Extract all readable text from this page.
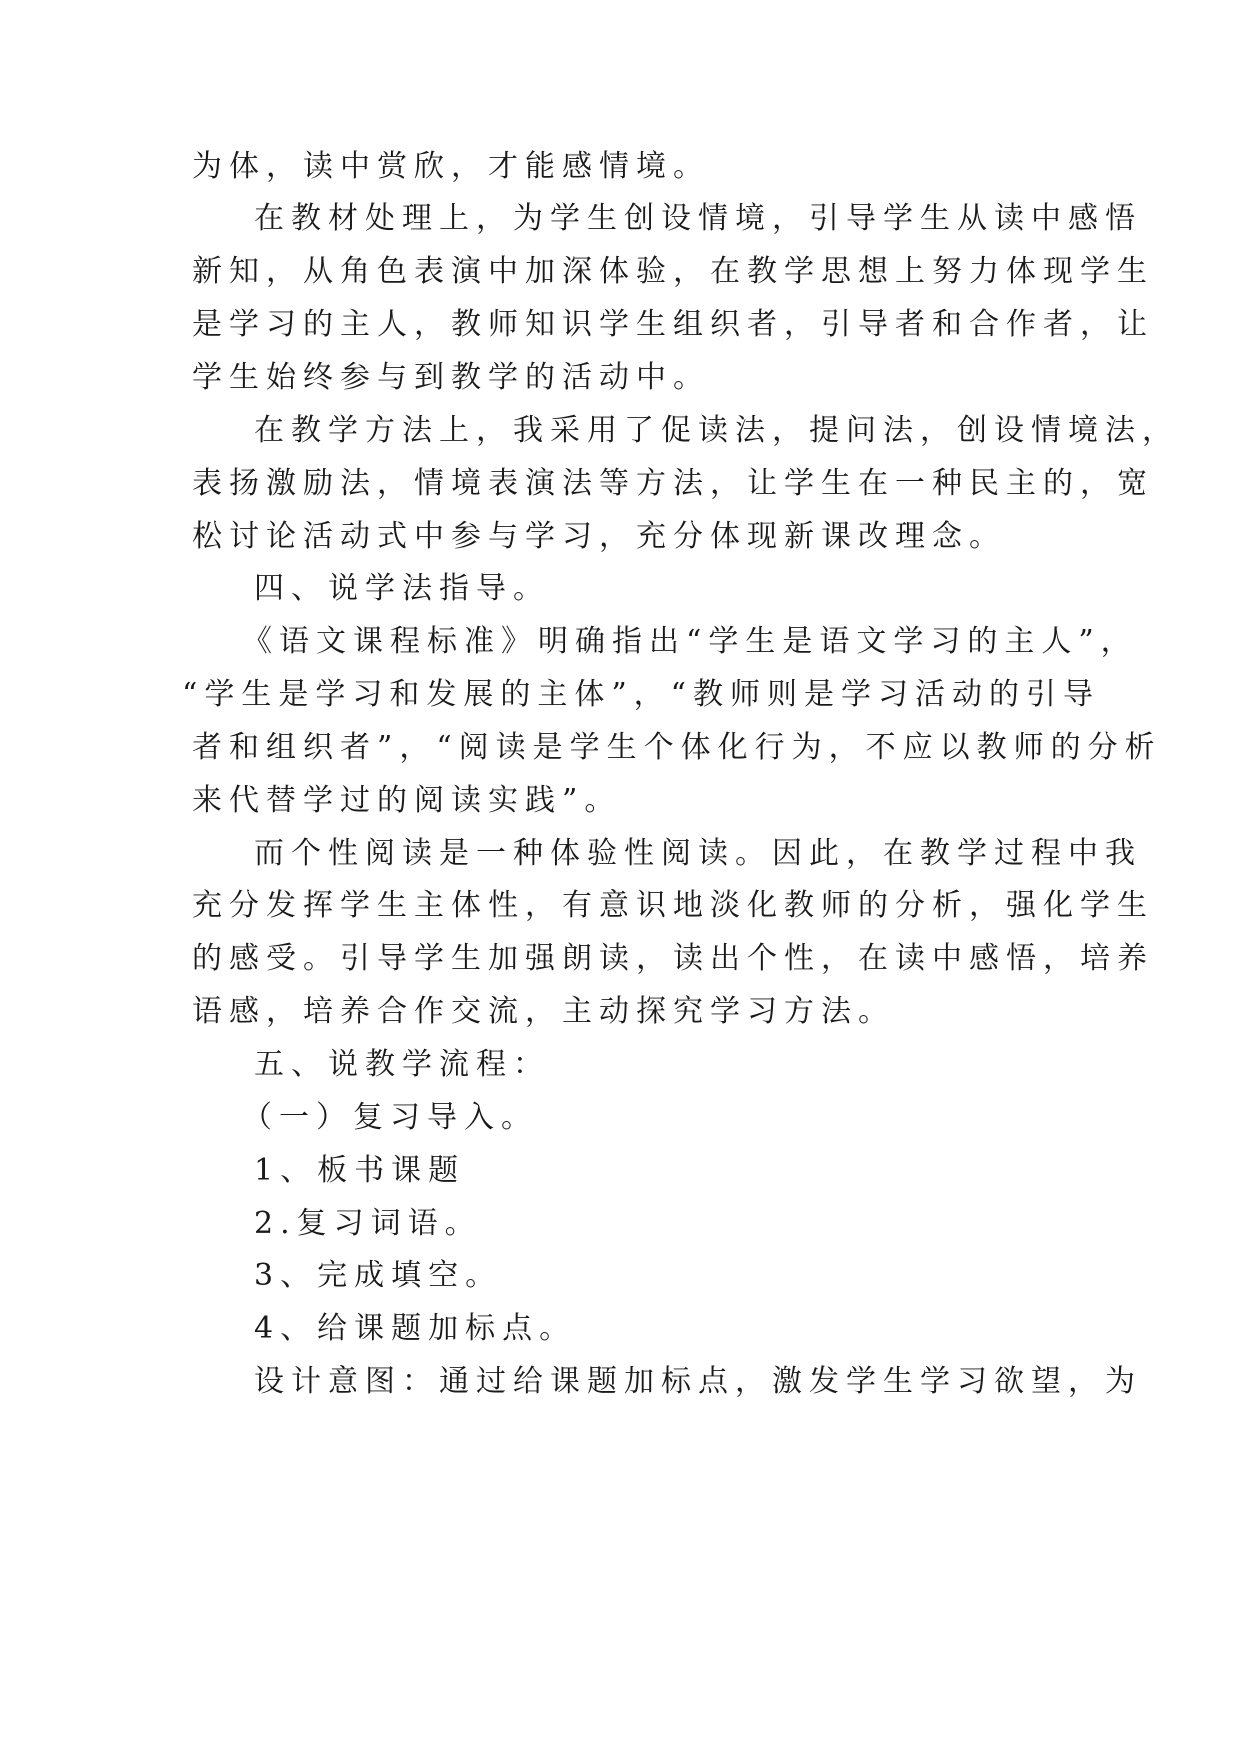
为体，读中赏欣，才能感情境。
在教材处理上，为学生创设情境，引导学生从读中感悟
新知，从角色表演中加深体验，在教学思想上努力体现学生
是学习的主人，教师知识学生组织者，引导者和合作者，让
学生始终参与到教学的活动中。
在教学方法上，我采用了促读法，提问法，创设情境法，
表扬激励法，情境表演法等方法，让学生在一种民主的，宽
松讨论活动式中参与学习，充分体现新课改理念。
四、说学法指导。
《语文课程标准》明确指出“学生是语文学习的主人”，
“学生是学习和发展的主体”，“教师则是学习活动的引导
者和组织者”，“阅读是学生个体化行为，不应以教师的分析
来代替学过的阅读实践”。
而个性阅读是一种体验性阅读。因此，在教学过程中我
充分发挥学生主体性，有意识地淡化教师的分析，强化学生
的感受。引导学生加强朗读，读出个性，在读中感悟，培养
语感，培养合作交流，主动探究学习方法。
五、说教学流程：
（一）复习导入。
1、板书课题
2.复习词语。
3、完成填空。
4、给课题加标点。
设计意图：通过给课题加标点，激发学生学习欲望，为
